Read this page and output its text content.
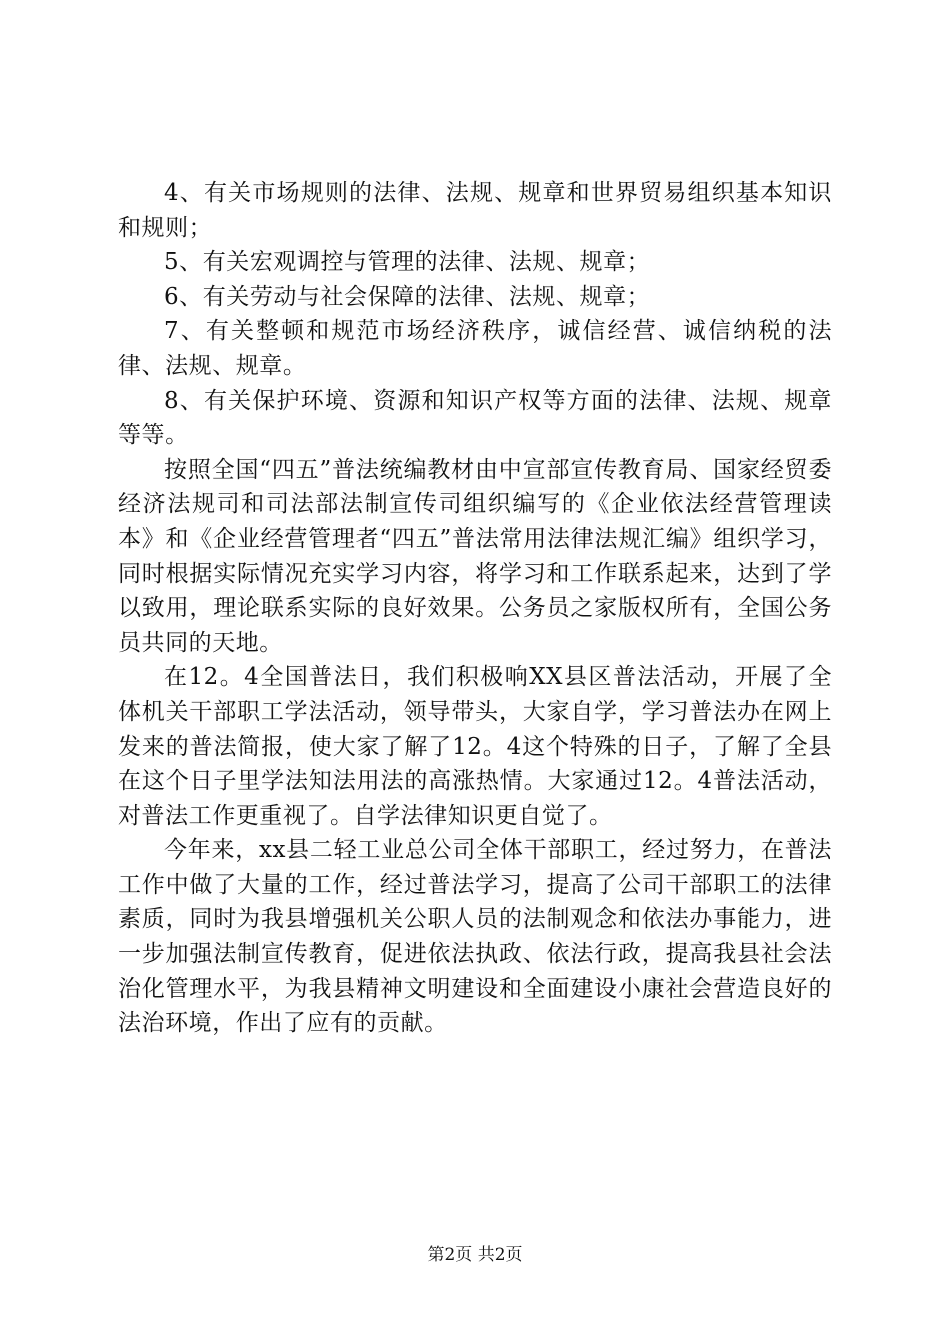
4、有关市场规则的法律、法规、规章和世界贸易组织基本知识和规则；

5、有关宏观调控与管理的法律、法规、规章；

6、有关劳动与社会保障的法律、法规、规章；

7、有关整顿和规范市场经济秩序，诚信经营、诚信纳税的法律、法规、规章。

8、有关保护环境、资源和知识产权等方面的法律、法规、规章等等。

按照全国“四五”普法统编教材由中宣部宣传教育局、国家经贸委经济法规司和司法部法制宣传司组织编写的《企业依法经营管理读本》和《企业经营管理者“四五”普法常用法律法规汇编》组织学习，同时根据实际情况充实学习内容，将学习和工作联系起来，达到了学以致用，理论联系实际的良好效果。公务员之家版权所有，全国公务员共同的天地。

在12。4全国普法日，我们积极响XX县区普法活动，开展了全体机关干部职工学法活动，领导带头，大家自学，学习普法办在网上发来的普法简报，使大家了解了12。4这个特殊的日子，了解了全县在这个日子里学法知法用法的高涨热情。大家通过12。4普法活动，对普法工作更重视了。自学法律知识更自觉了。

今年来，xx县二轻工业总公司全体干部职工，经过努力，在普法工作中做了大量的工作，经过普法学习，提高了公司干部职工的法律素质，同时为我县增强机关公职人员的法制观念和依法办事能力，进一步加强法制宣传教育，促进依法执政、依法行政，提高我县社会法治化管理水平，为我县精神文明建设和全面建设小康社会营造良好的法治环境，作出了应有的贡献。

第2页 共2页
